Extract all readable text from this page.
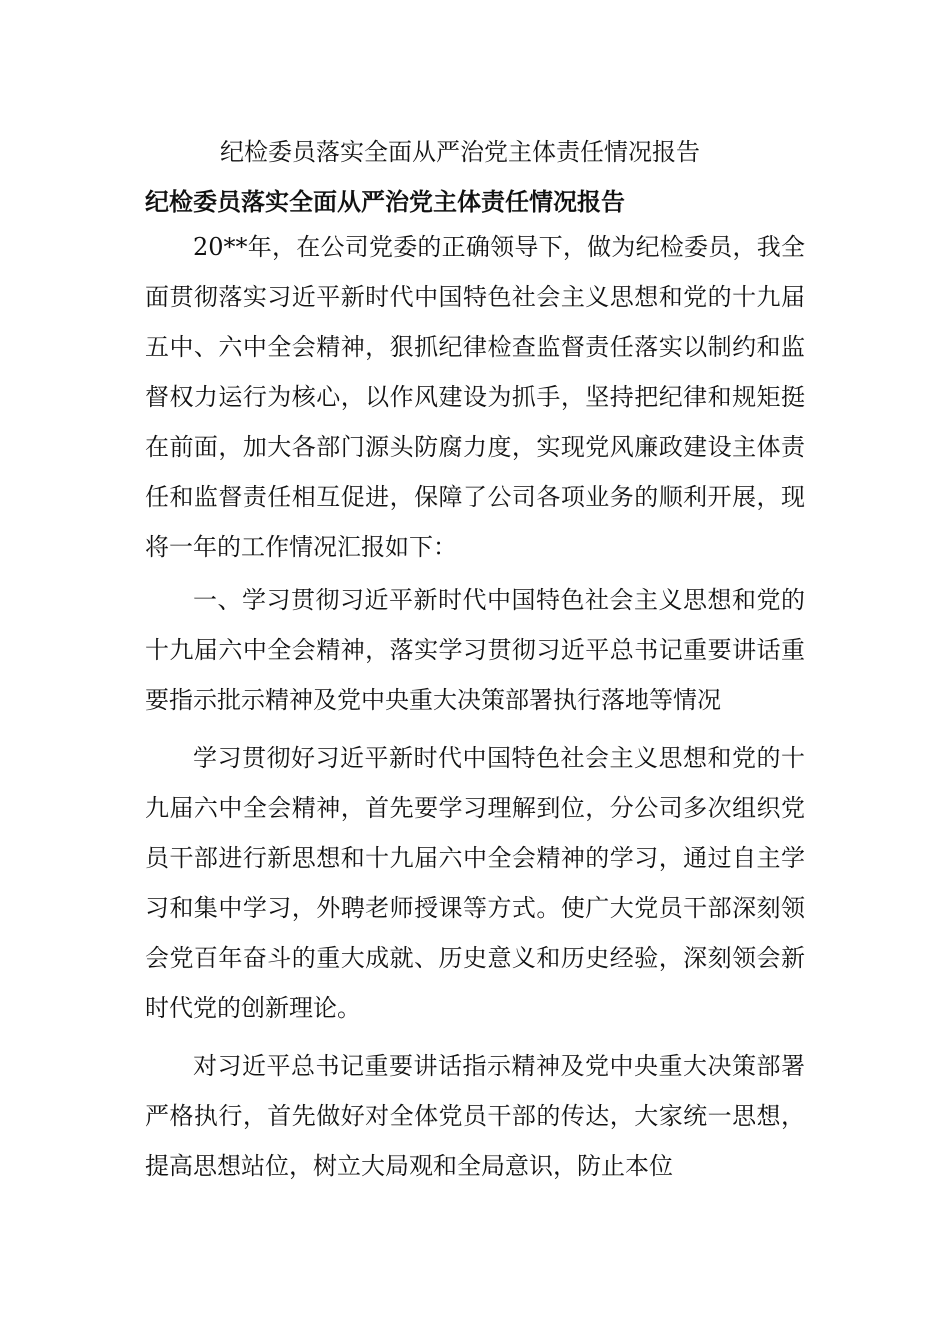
纪检委员落实全面从严治党主体责任情况报告
纪检委员落实全面从严治党主体责任情况报告

20**年，在公司党委的正确领导下，做为纪检委员，我全面贯彻落实习近平新时代中国特色社会主义思想和党的十九届五中、六中全会精神，狠抓纪律检查监督责任落实以制约和监督权力运行为核心，以作风建设为抓手，坚持把纪律和规矩挺在前面，加大各部门源头防腐力度，实现党风廉政建设主体责任和监督责任相互促进，保障了公司各项业务的顺利开展，现将一年的工作情况汇报如下：

一、学习贯彻习近平新时代中国特色社会主义思想和党的十九届六中全会精神，落实学习贯彻习近平总书记重要讲话重要指示批示精神及党中央重大决策部署执行落地等情况

学习贯彻好习近平新时代中国特色社会主义思想和党的十九届六中全会精神，首先要学习理解到位，分公司多次组织党员干部进行新思想和十九届六中全会精神的学习，通过自主学习和集中学习，外聘老师授课等方式。使广大党员干部深刻领会党百年奋斗的重大成就、历史意义和历史经验，深刻领会新时代党的创新理论。

对习近平总书记重要讲话指示精神及党中央重大决策部署严格执行，首先做好对全体党员干部的传达，大家统一思想，提高思想站位，树立大局观和全局意识，防止本位
